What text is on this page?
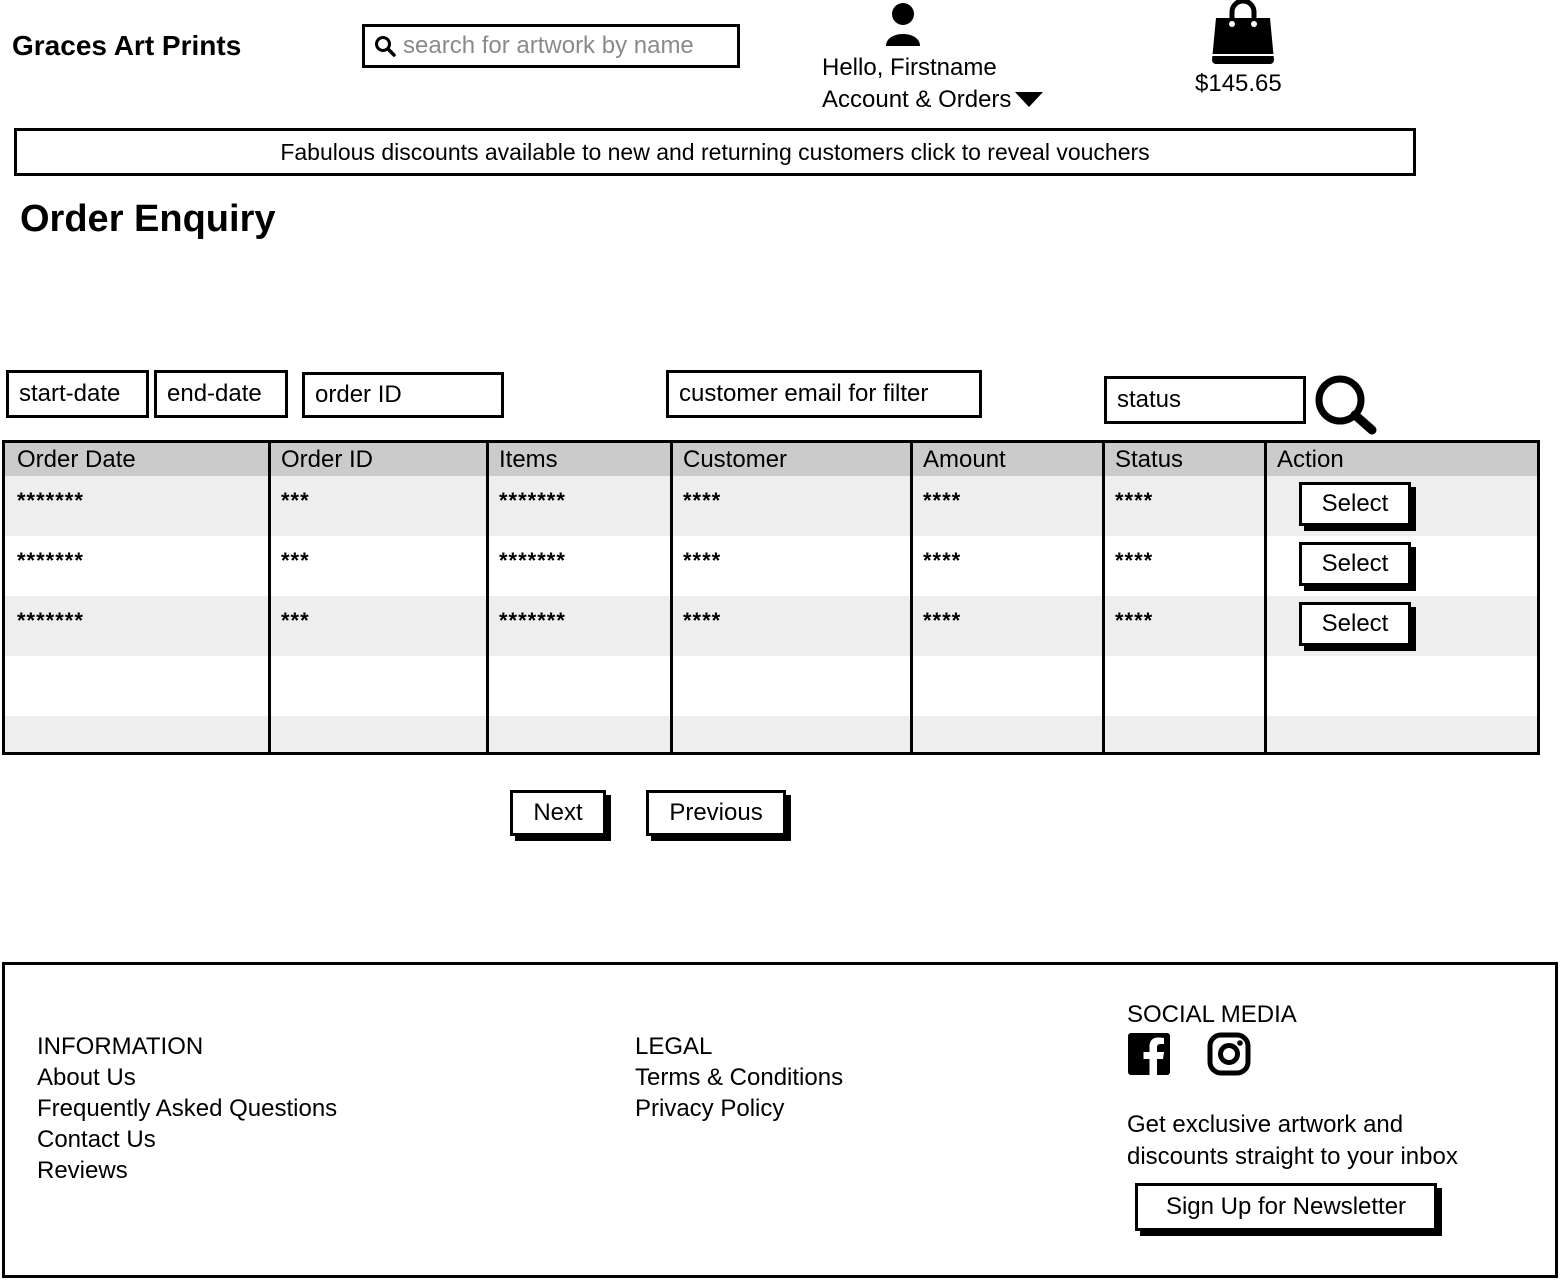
Graces Art Prints
search for artwork by name
Hello, Firstname
Account & Orders
$145.65
Fabulous discounts available to new and returning customers click to reveal vouchers
Order Enquiry
start-date	end-date	order ID	customer email for filter	status
Order Date	Order ID	Items	Customer	Amount	Status	Action
*******	***	*******	****	****	****	Select

*******	***	*******	****	****	****	Select

*******	***	*******	****	****	****	Select

Next	Previous
INFORMATION
About Us
Frequently Asked Questions
Contact Us
Reviews
LEGAL
Terms & Conditions
Privacy Policy
SOCIAL MEDIA
Get exclusive artwork and
discounts straight to your inbox
Sign Up for Newsletter
